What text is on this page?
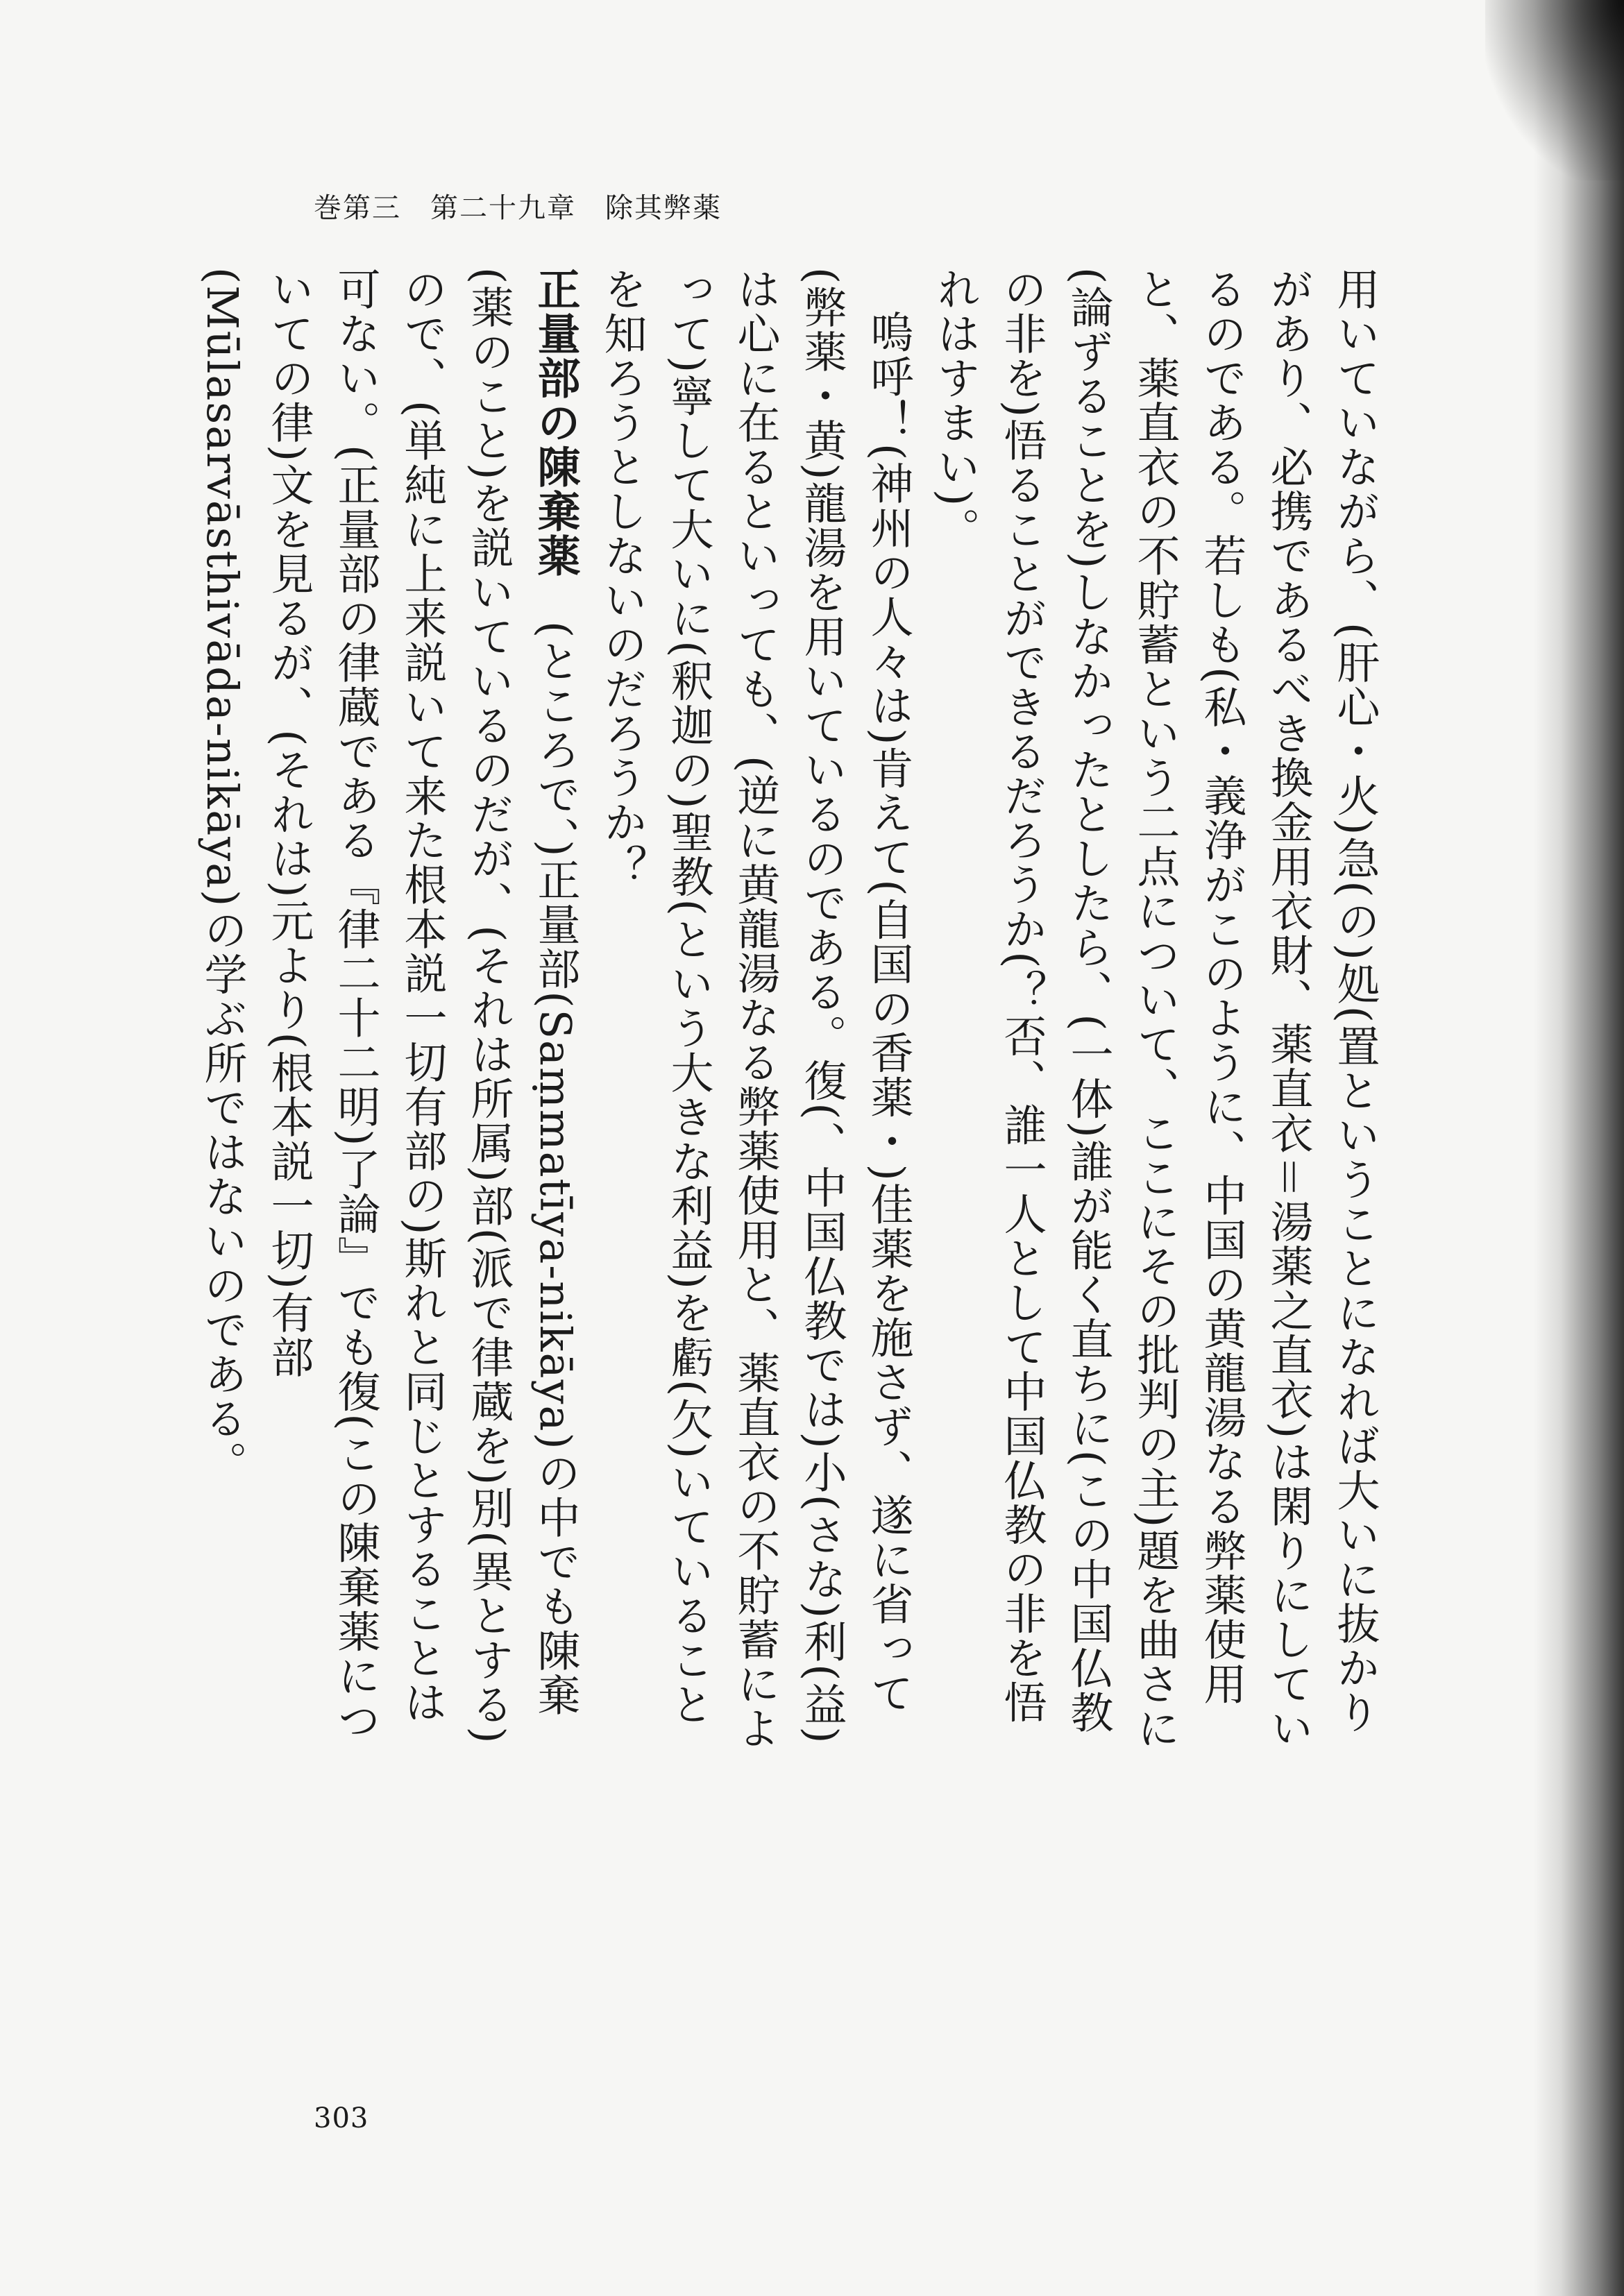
巻第三　第二十九章　除其弊薬

用いていながら、(肝心・火)急(の)処(置ということになれば大いに抜かりがあり、必携であるべき換金用衣財、薬直衣＝湯薬之直衣)は閑りにしているのである。若しも(私・義浄がこのように、中国の黄龍湯なる弊薬使用と、薬直衣の不貯蓄という二点について、ここにその批判の主)題を曲さに(論ずることを)しなかったとしたら、(一体)誰が能く直ちに(この中国仏教の非を)悟ることができるだろうか(？否、誰一人として中国仏教の非を悟れはすまい)。

嗚呼！(神州の人々は)肯えて(自国の香薬・)佳薬を施さず、遂に省って(弊薬・黄)龍湯を用いているのである。復(、中国仏教では)小(さな)利(益)は心に在るといっても、(逆に黄龍湯なる弊薬使用と、薬直衣の不貯蓄によって)寧して大いに(釈迦の)聖教(という大きな利益)を虧(欠)いていることを知ろうとしないのだろうか？

正量部の陳棄薬　(ところで、)正量部(Saṃmatīya-nikāya)の中でも陳棄(薬のこと)を説いているのだが、(それは所属)部(派で律蔵を)別(異とする)ので、(単純に上来説いて来た根本説一切有部の)斯れと同じとすることは可ない。(正量部の律蔵である『律二十二明)了論』でも復(この陳棄薬についての律)文を見るが、(それは)元より(根本説一切)有部(Mūlasarvāsthivāda-nikāya)の学ぶ所ではないのである。

303
